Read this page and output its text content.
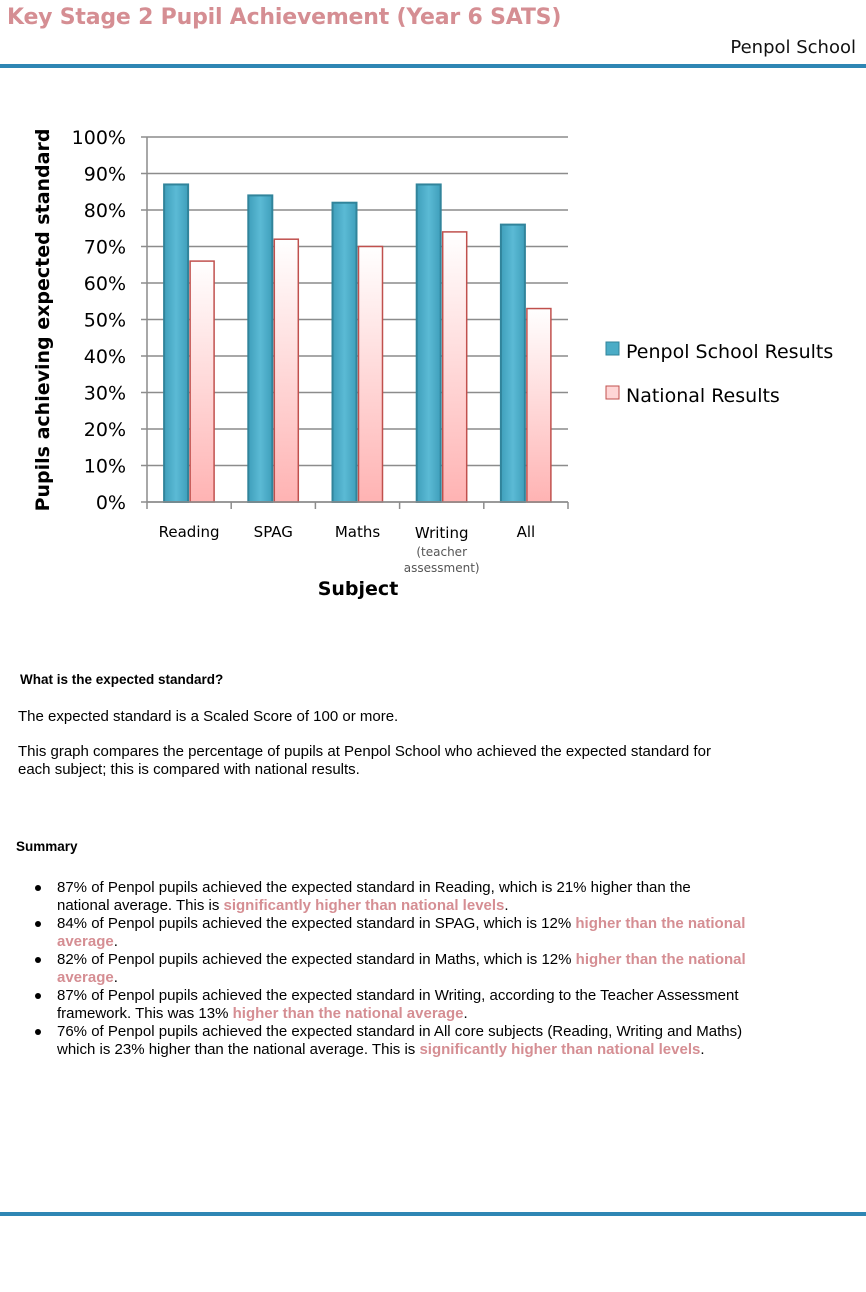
Key Stage 2 Pupil Achievement (Year 6 SATS)
Penpol School
0%
10%
20%
30%
40%
50%
60%
70%
80%
90%
100%
Reading SPAG	Maths Writing
(teacher
assessment)
All
Pupils achieving expected standard
Subject
Penpol School Results
National Results
What is the expected standard?

The expected standard is a Scaled Score of 100 or more.

This graph compares the percentage of pupils at Penpol School who achieved the expected standard for each subject; this is compared with national results.

Summary
87% of Penpol pupils achieved the expected standard in Reading, which is 21% higher than the national average. This is significantly higher than national levels.
84% of Penpol pupils achieved the expected standard in SPAG, which is 12% higher than the national average.
82% of Penpol pupils achieved the expected standard in Maths, which is 12% higher than the national average.
87% of Penpol pupils achieved the expected standard in Writing, according to the Teacher Assessment framework. This was 13% higher than the national average.
76% of Penpol pupils achieved the expected standard in All core subjects (Reading, Writing and Maths) which is 23% higher than the national average. This is significantly higher than national levels.
